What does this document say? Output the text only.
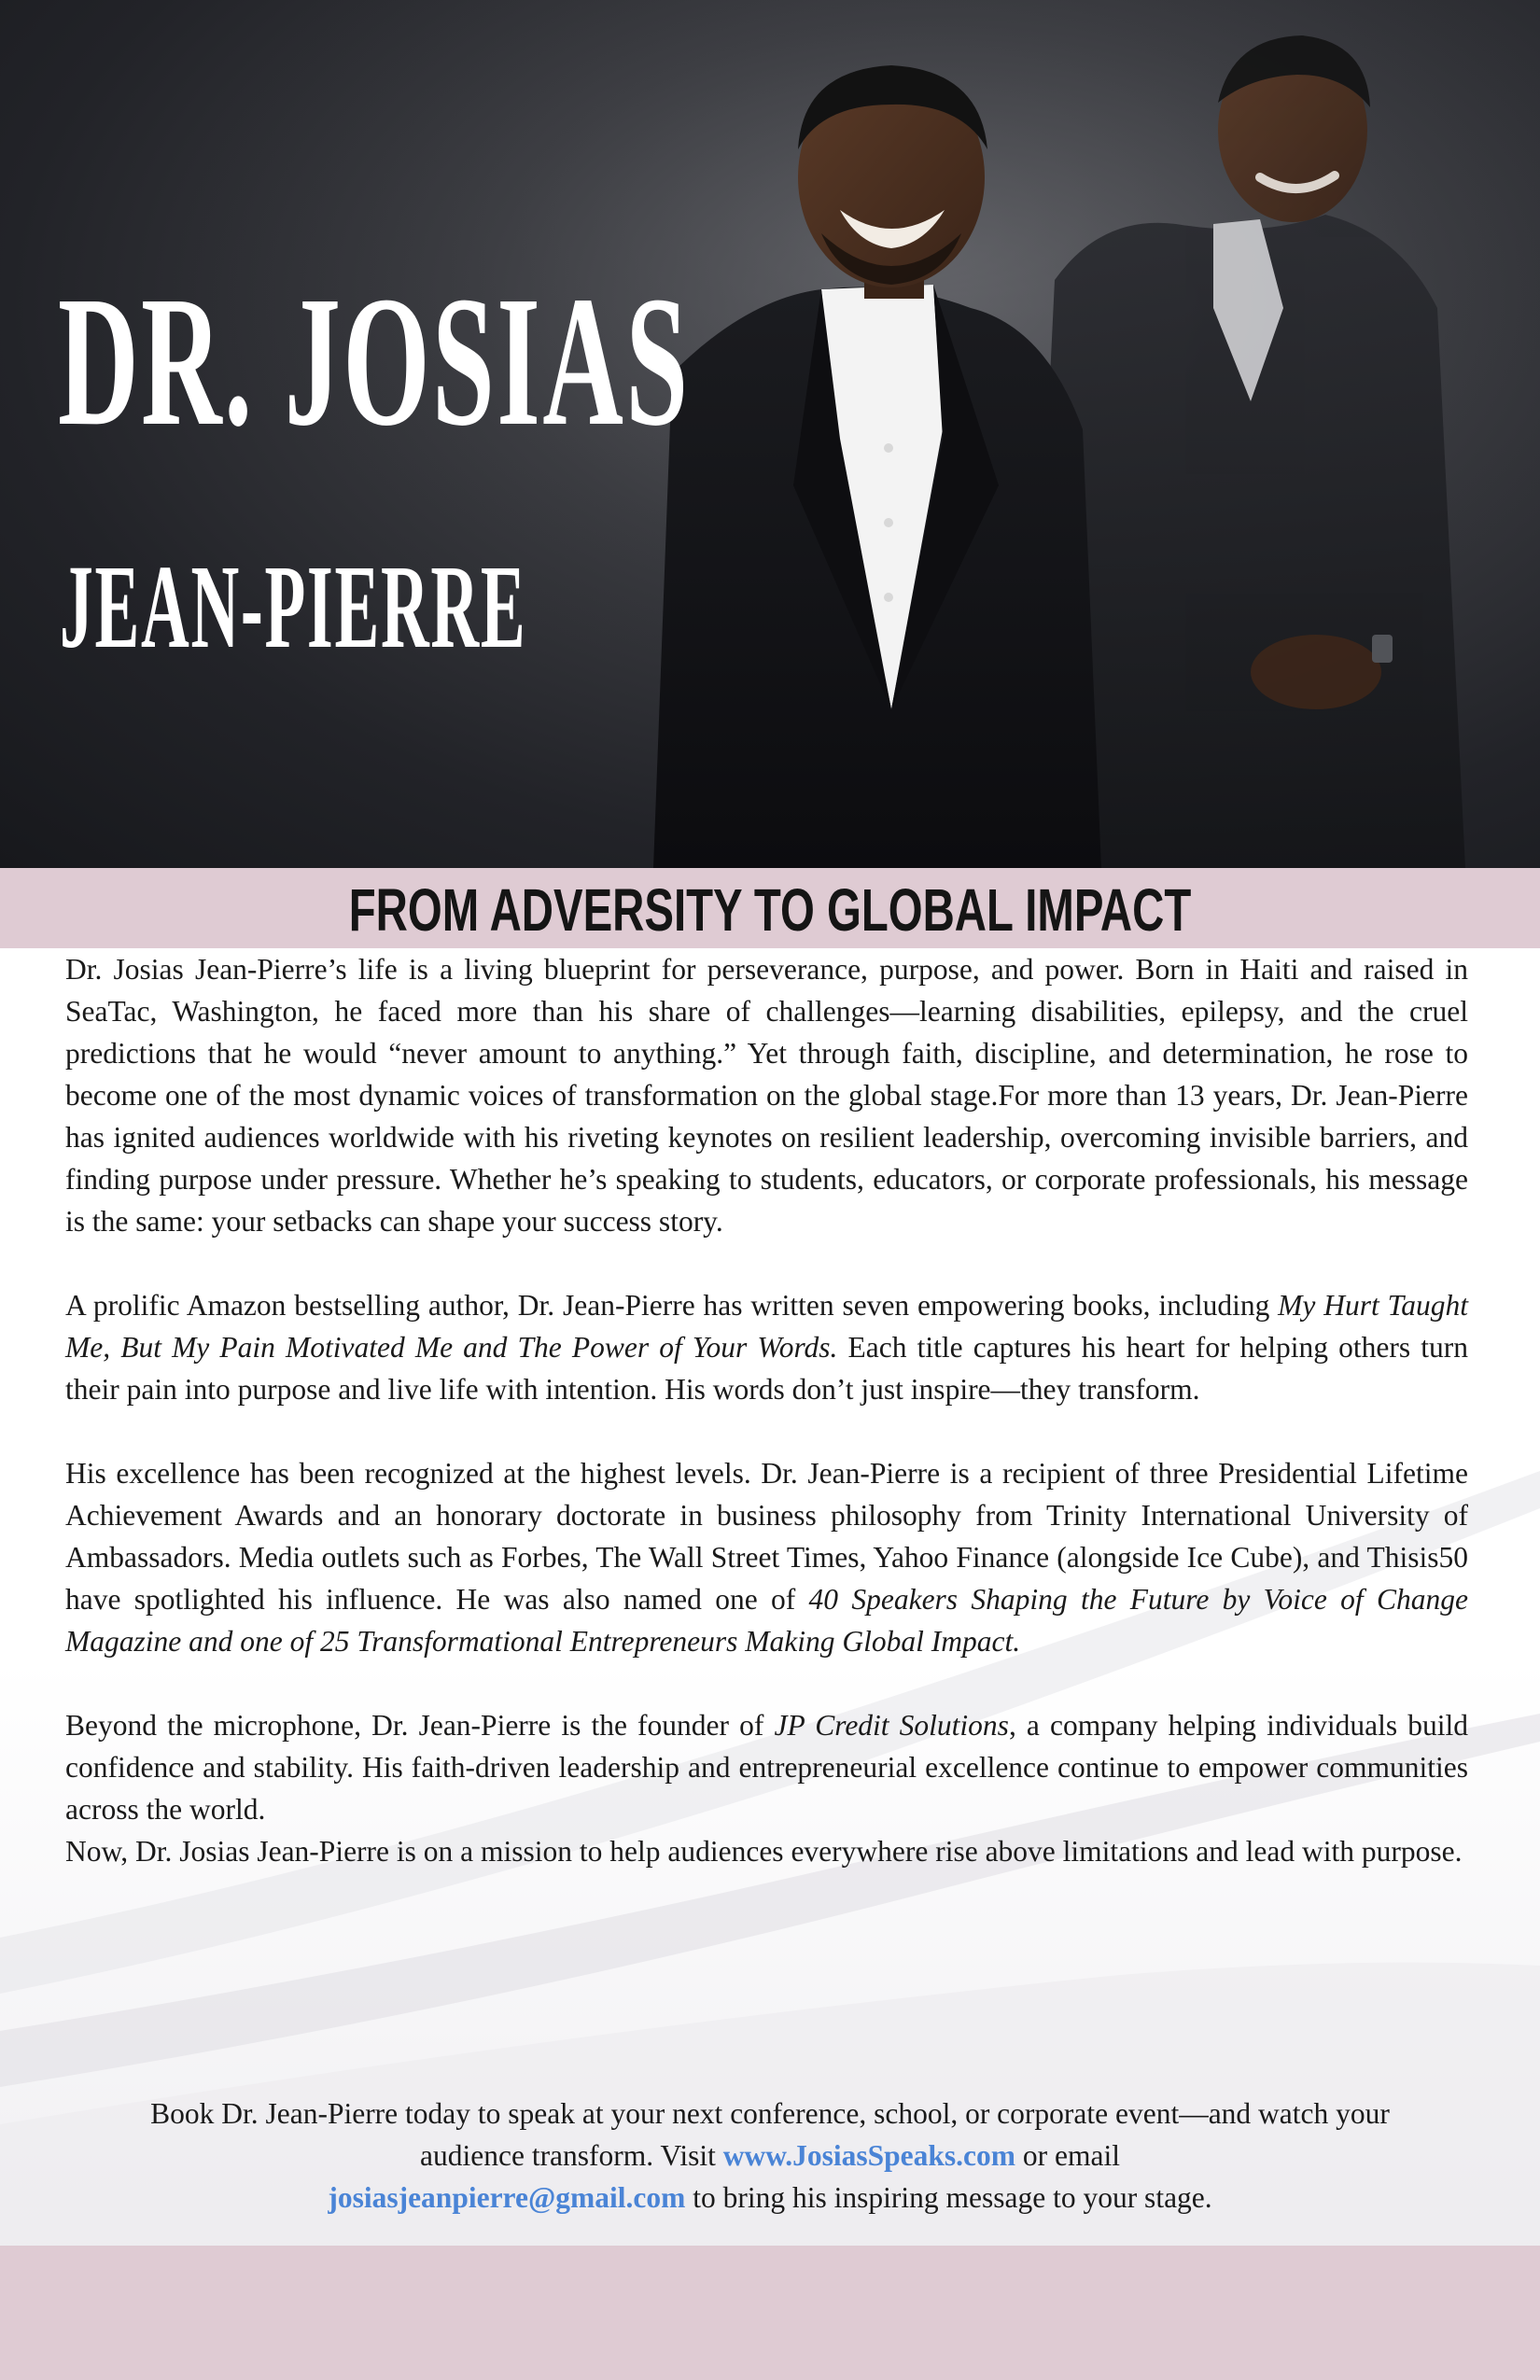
DR. JOSIAS
JEAN-PIERRE
FROM ADVERSITY TO GLOBAL IMPACT

Dr. Josias Jean-Pierre’s life is a living blueprint for perseverance, purpose, and power. Born in Haiti and raised in SeaTac, Washington, he faced more than his share of challenges—learning disabilities, epilepsy, and the cruel predictions that he would “never amount to anything.” Yet through faith, discipline, and determination, he rose to become one of the most dynamic voices of transformation on the global stage.For more than 13 years, Dr. Jean-Pierre has ignited audiences worldwide with his riveting keynotes on resilient leadership, overcoming invisible barriers, and finding purpose under pressure. Whether he’s speaking to students, educators, or corporate professionals, his message is the same: your setbacks can shape your success story.

A prolific Amazon bestselling author, Dr. Jean-Pierre has written seven empowering books, including My Hurt Taught Me, But My Pain Motivated Me and The Power of Your Words. Each title captures his heart for helping others turn their pain into purpose and live life with intention. His words don’t just inspire—they transform.

His excellence has been recognized at the highest levels. Dr. Jean-Pierre is a recipient of three Presidential Lifetime Achievement Awards and an honorary doctorate in business philosophy from Trinity International University of Ambassadors. Media outlets such as Forbes, The Wall Street Times, Yahoo Finance (alongside Ice Cube), and Thisis50 have spotlighted his influence. He was also named one of 40 Speakers Shaping the Future by Voice of Change Magazine and one of 25 Transformational Entrepreneurs Making Global Impact.

Beyond the microphone, Dr. Jean-Pierre is the founder of JP Credit Solutions, a company helping individuals build confidence and stability. His faith-driven leadership and entrepreneurial excellence continue to empower communities across the world.

Now, Dr. Josias Jean-Pierre is on a mission to help audiences everywhere rise above limitations and lead with purpose.

Book Dr. Jean-Pierre today to speak at your next conference, school, or corporate event—and watch your audience transform. Visit www.JosiasSpeaks.com or email
josiasjeanpierre@gmail.com to bring his inspiring message to your stage.
